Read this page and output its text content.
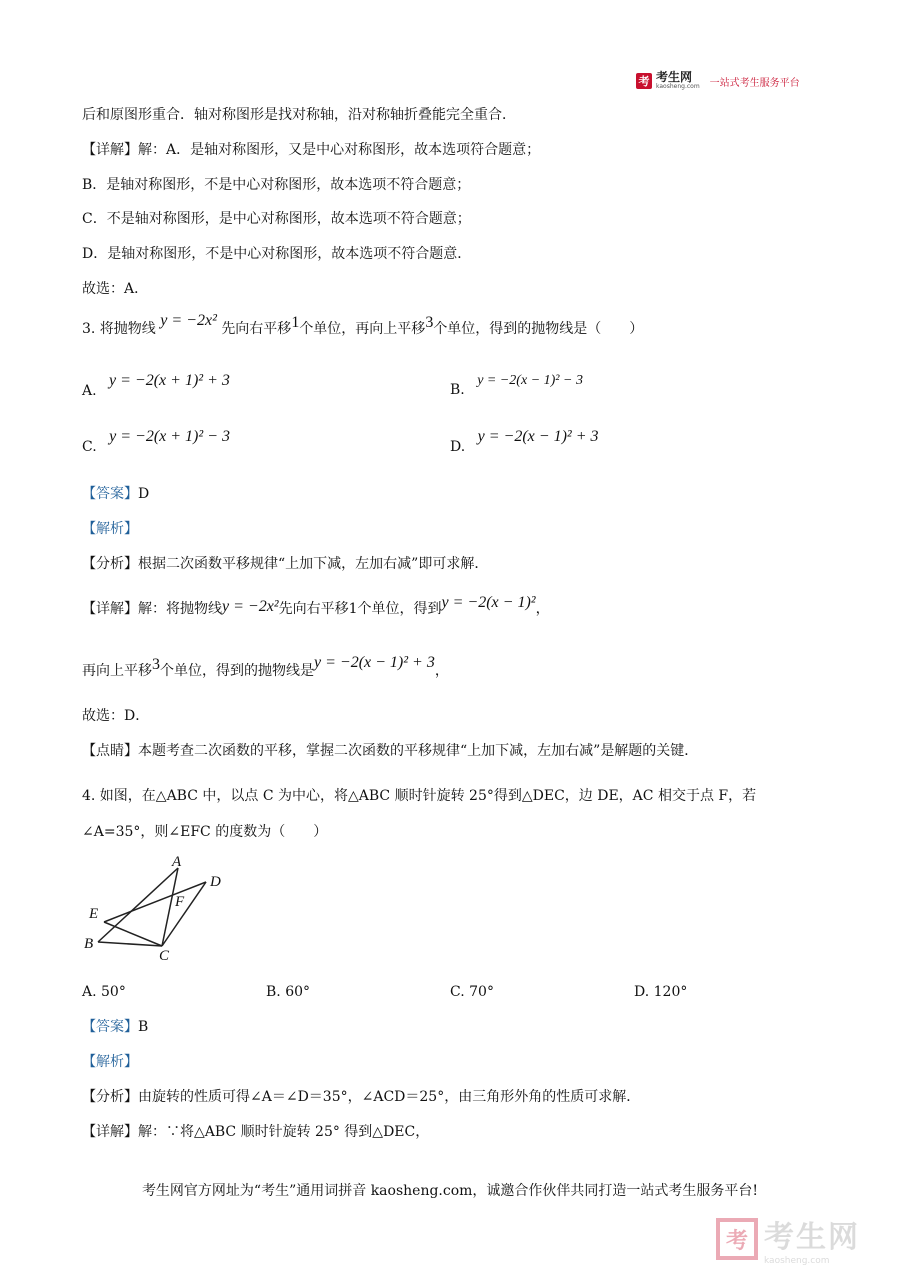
考 考生网
kaosheng.com 一站式考生服务平台
后和原图形重合．轴对称图形是找对称轴，沿对称轴折叠能完全重合．
【详解】解：A．是轴对称图形，又是中心对称图形，故本选项符合题意；
B．是轴对称图形，不是中心对称图形，故本选项不符合题意；
C．不是轴对称图形，是中心对称图形，故本选项不符合题意；
D．是轴对称图形，不是中心对称图形，故本选项不符合题意．
故选：A．
3. 将抛物线 y = −2x² 先向右平移1个单位，再向上平移3个单位，得到的抛物线是（　　）
A. y = −2(x + 1)² + 3
B. y = −2(x − 1)² − 3
C. y = −2(x + 1)² − 3
D. y = −2(x − 1)² + 3
【答案】D
【解析】
【分析】根据二次函数平移规律“上加下减，左加右减”即可求解．
【详解】解：将抛物线y = −2x²先向右平移1个单位，得到y = −2(x − 1)²，
再向上平移3个单位，得到的抛物线是y = −2(x − 1)² + 3，
故选：D．
【点睛】本题考查二次函数的平移，掌握二次函数的平移规律“上加下减，左加右减”是解题的关键．
4. 如图，在△ABC 中，以点 C 为中心，将△ABC 顺时针旋转 25°得到△DEC，边 DE，AC 相交于点 F，若
∠A=35°，则∠EFC 的度数为（　　）
A
B
C
D
E
F
A. 50°	B. 60°	C. 70°	D. 120°
【答案】B
【解析】
【分析】由旋转的性质可得∠A＝∠D＝35°，∠ACD＝25°，由三角形外角的性质可求解．
【详解】解：∵将△ABC 顺时针旋转 25° 得到△DEC，
考生网官方网址为“考生”通用词拼音 kaosheng.com，诚邀合作伙伴共同打造一站式考生服务平台!
考 考生网
kaosheng.com
